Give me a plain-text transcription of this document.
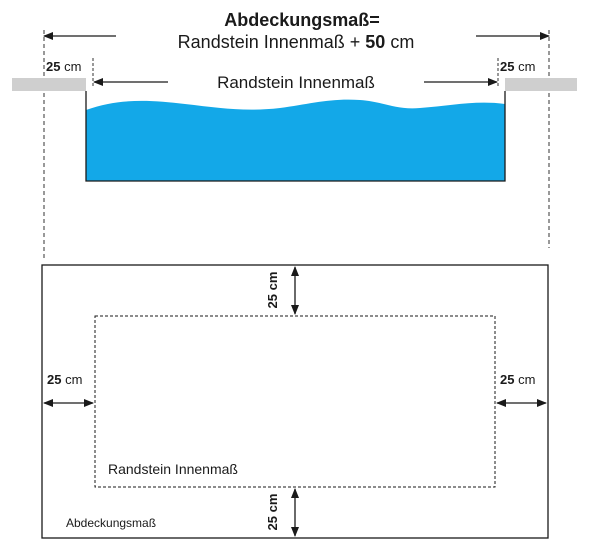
Abdeckungsmaß=
Randstein Innenmaß + 50 cm
25 cm	25 cm
Randstein Innenmaß
25 cm
25 cm
25 cm	25 cm
Randstein Innenmaß
Abdeckungsmaß
